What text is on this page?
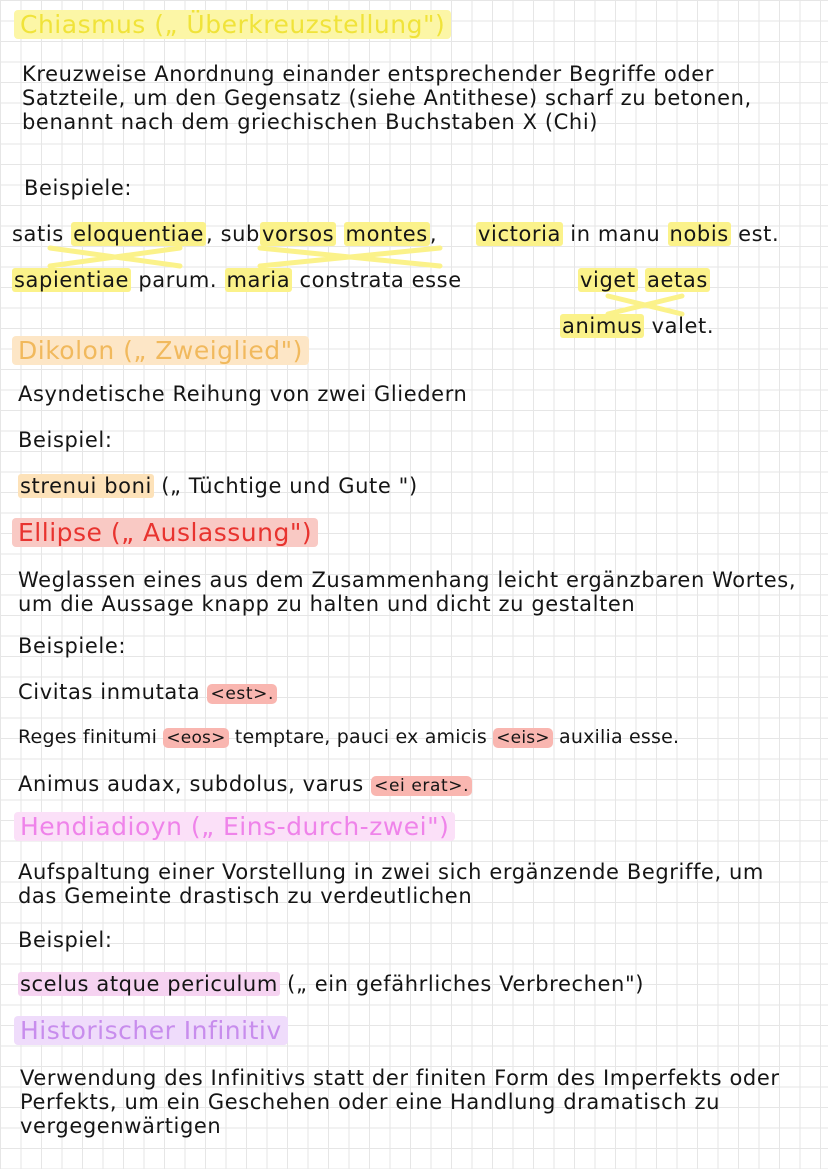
Chiasmus („ Überkreuzstellung")
Kreuzweise Anordnung einander entsprechender Begriffe oder Satzteile, um den Gegensatz (siehe Antithese) scharf zu betonen, benannt nach dem griechischen Buchstaben X (Chi)
Beispiele:
satis eloquentiae, subvorsos montes, victoria in manu nobis est.
sapientiae parum. maria constrata esse	viget aetas
animus valet.
Dikolon („ Zweiglied")
Asyndetische Reihung von zwei Gliedern
Beispiel:
strenui boni („ Tüchtige und Gute ")
Ellipse („ Auslassung")
Weglassen eines aus dem Zusammenhang leicht ergänzbaren Wortes, um die Aussage knapp zu halten und dicht zu gestalten
Beispiele:
Civitas inmutata <est>.
Reges finitumi <eos> temptare, pauci ex amicis <eis> auxilia esse.
Animus audax, subdolus, varus <ei erat>.
Hendiadioyn („ Eins-durch-zwei")
Aufspaltung einer Vorstellung in zwei sich ergänzende Begriffe, um das Gemeinte drastisch zu verdeutlichen
Beispiel:
scelus atque periculum („ ein gefährliches Verbrechen")
Historischer Infinitiv
Verwendung des Infinitivs statt der finiten Form des Imperfekts oder Perfekts, um ein Geschehen oder eine Handlung dramatisch zu vergegenwärtigen
